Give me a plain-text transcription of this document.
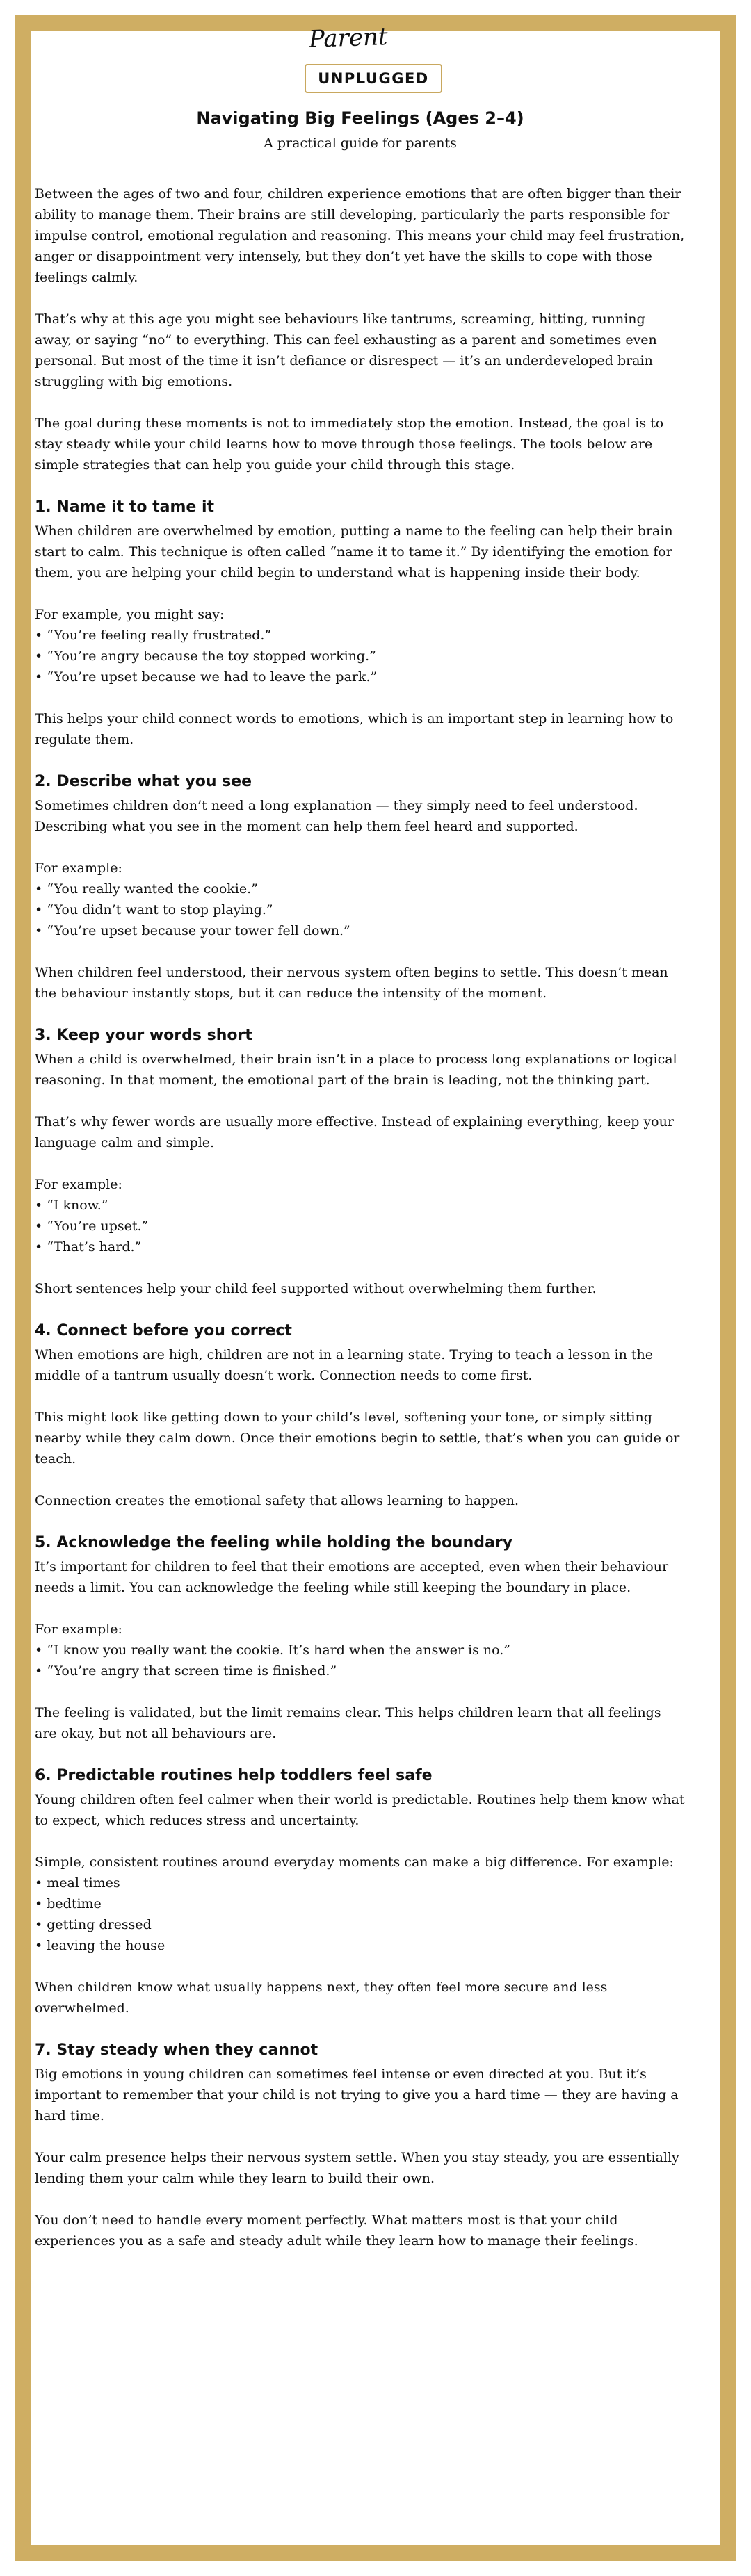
Parent
UNPLUGGED
Navigating Big Feelings (Ages 2–4)
A practical guide for parents

Between the ages of two and four, children experience emotions that are often bigger than their ability to manage them. Their brains are still developing, particularly the parts responsible for impulse control, emotional regulation and reasoning. This means your child may feel frustration, anger or disappointment very intensely, but they don’t yet have the skills to cope with those feelings calmly.

That’s why at this age you might see behaviours like tantrums, screaming, hitting, running away, or saying “no” to everything. This can feel exhausting as a parent and sometimes even personal. But most of the time it isn’t defiance or disrespect — it’s an underdeveloped brain struggling with big emotions.

The goal during these moments is not to immediately stop the emotion. Instead, the goal is to stay steady while your child learns how to move through those feelings. The tools below are simple strategies that can help you guide your child through this stage.

1. Name it to tame it

When children are overwhelmed by emotion, putting a name to the feeling can help their brain start to calm. This technique is often called “name it to tame it.” By identifying the emotion for them, you are helping your child begin to understand what is happening inside their body.

For example, you might say:

• “You’re feeling really frustrated.”
• “You’re angry because the toy stopped working.”
• “You’re upset because we had to leave the park.”

This helps your child connect words to emotions, which is an important step in learning how to regulate them.

2. Describe what you see

Sometimes children don’t need a long explanation — they simply need to feel understood. Describing what you see in the moment can help them feel heard and supported.

For example:

• “You really wanted the cookie.”
• “You didn’t want to stop playing.”
• “You’re upset because your tower fell down.”

When children feel understood, their nervous system often begins to settle. This doesn’t mean the behaviour instantly stops, but it can reduce the intensity of the moment.

3. Keep your words short

When a child is overwhelmed, their brain isn’t in a place to process long explanations or logical reasoning. In that moment, the emotional part of the brain is leading, not the thinking part.

That’s why fewer words are usually more effective. Instead of explaining everything, keep your language calm and simple.

For example:

• “I know.”
• “You’re upset.”
• “That’s hard.”

Short sentences help your child feel supported without overwhelming them further.

4. Connect before you correct

When emotions are high, children are not in a learning state. Trying to teach a lesson in the middle of a tantrum usually doesn’t work. Connection needs to come first.

This might look like getting down to your child’s level, softening your tone, or simply sitting nearby while they calm down. Once their emotions begin to settle, that’s when you can guide or teach.

Connection creates the emotional safety that allows learning to happen.

5. Acknowledge the feeling while holding the boundary

It’s important for children to feel that their emotions are accepted, even when their behaviour needs a limit. You can acknowledge the feeling while still keeping the boundary in place.

For example:

• “I know you really want the cookie. It’s hard when the answer is no.”
• “You’re angry that screen time is finished.”

The feeling is validated, but the limit remains clear. This helps children learn that all feelings are okay, but not all behaviours are.

6. Predictable routines help toddlers feel safe

Young children often feel calmer when their world is predictable. Routines help them know what to expect, which reduces stress and uncertainty.

Simple, consistent routines around everyday moments can make a big difference. For example:

• meal times
• bedtime
• getting dressed
• leaving the house

When children know what usually happens next, they often feel more secure and less overwhelmed.

7. Stay steady when they cannot

Big emotions in young children can sometimes feel intense or even directed at you. But it’s important to remember that your child is not trying to give you a hard time — they are having a hard time.

Your calm presence helps their nervous system settle. When you stay steady, you are essentially lending them your calm while they learn to build their own.

You don’t need to handle every moment perfectly. What matters most is that your child experiences you as a safe and steady adult while they learn how to manage their feelings.
